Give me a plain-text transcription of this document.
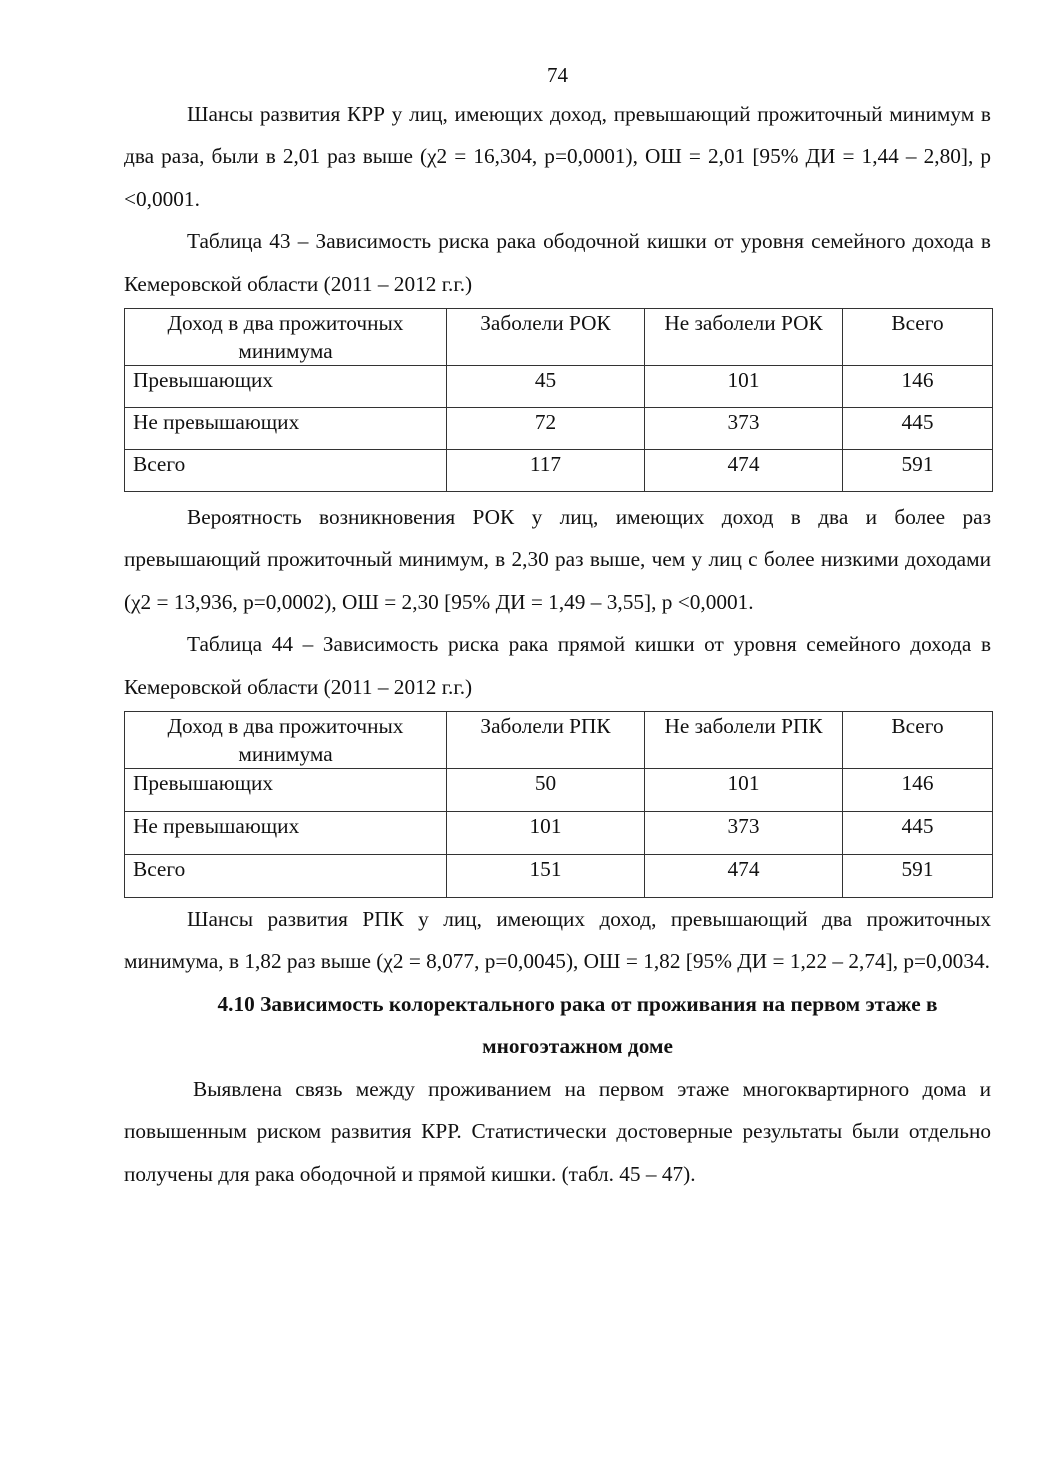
74

Шансы развития КРР у лиц, имеющих доход, превышающий прожиточный минимум в два раза, были в 2,01 раз выше (χ2 = 16,304, p=0,0001), ОШ = 2,01 [95% ДИ = 1,44 – 2,80], p <0,0001.

Таблица 43 – Зависимость риска рака ободочной кишки от уровня семейного дохода в Кемеровской области (2011 – 2012 г.г.)

Доход в два прожиточных минимума	Заболели РОК	Не заболели РОК	Всего
Превышающих	45	101	146
Не превышающих	72	373	445
Всего	117	474	591

Вероятность возникновения РОК у лиц, имеющих доход в два и более раз превышающий прожиточный минимум, в 2,30 раз выше, чем у лиц с более низкими доходами (χ2 = 13,936, p=0,0002), ОШ = 2,30 [95% ДИ = 1,49 – 3,55], p <0,0001.

Таблица 44 – Зависимость риска рака прямой кишки от уровня семейного дохода в Кемеровской области (2011 – 2012 г.г.)

Доход в два прожиточных минимума	Заболели РПК	Не заболели РПК	Всего
Превышающих	50	101	146
Не превышающих	101	373	445
Всего	151	474	591

Шансы развития РПК у лиц, имеющих доход, превышающий два прожиточных минимума, в 1,82 раз выше (χ2 = 8,077, p=0,0045), ОШ = 1,82 [95% ДИ = 1,22 – 2,74], p=0,0034.

4.10 Зависимость колоректального рака от проживания на первом этаже в многоэтажном доме

Выявлена связь между проживанием на первом этаже многоквартирного дома и повышенным риском развития КРР. Статистически достоверные результаты были отдельно получены для рака ободочной и прямой кишки. (табл. 45 – 47).
